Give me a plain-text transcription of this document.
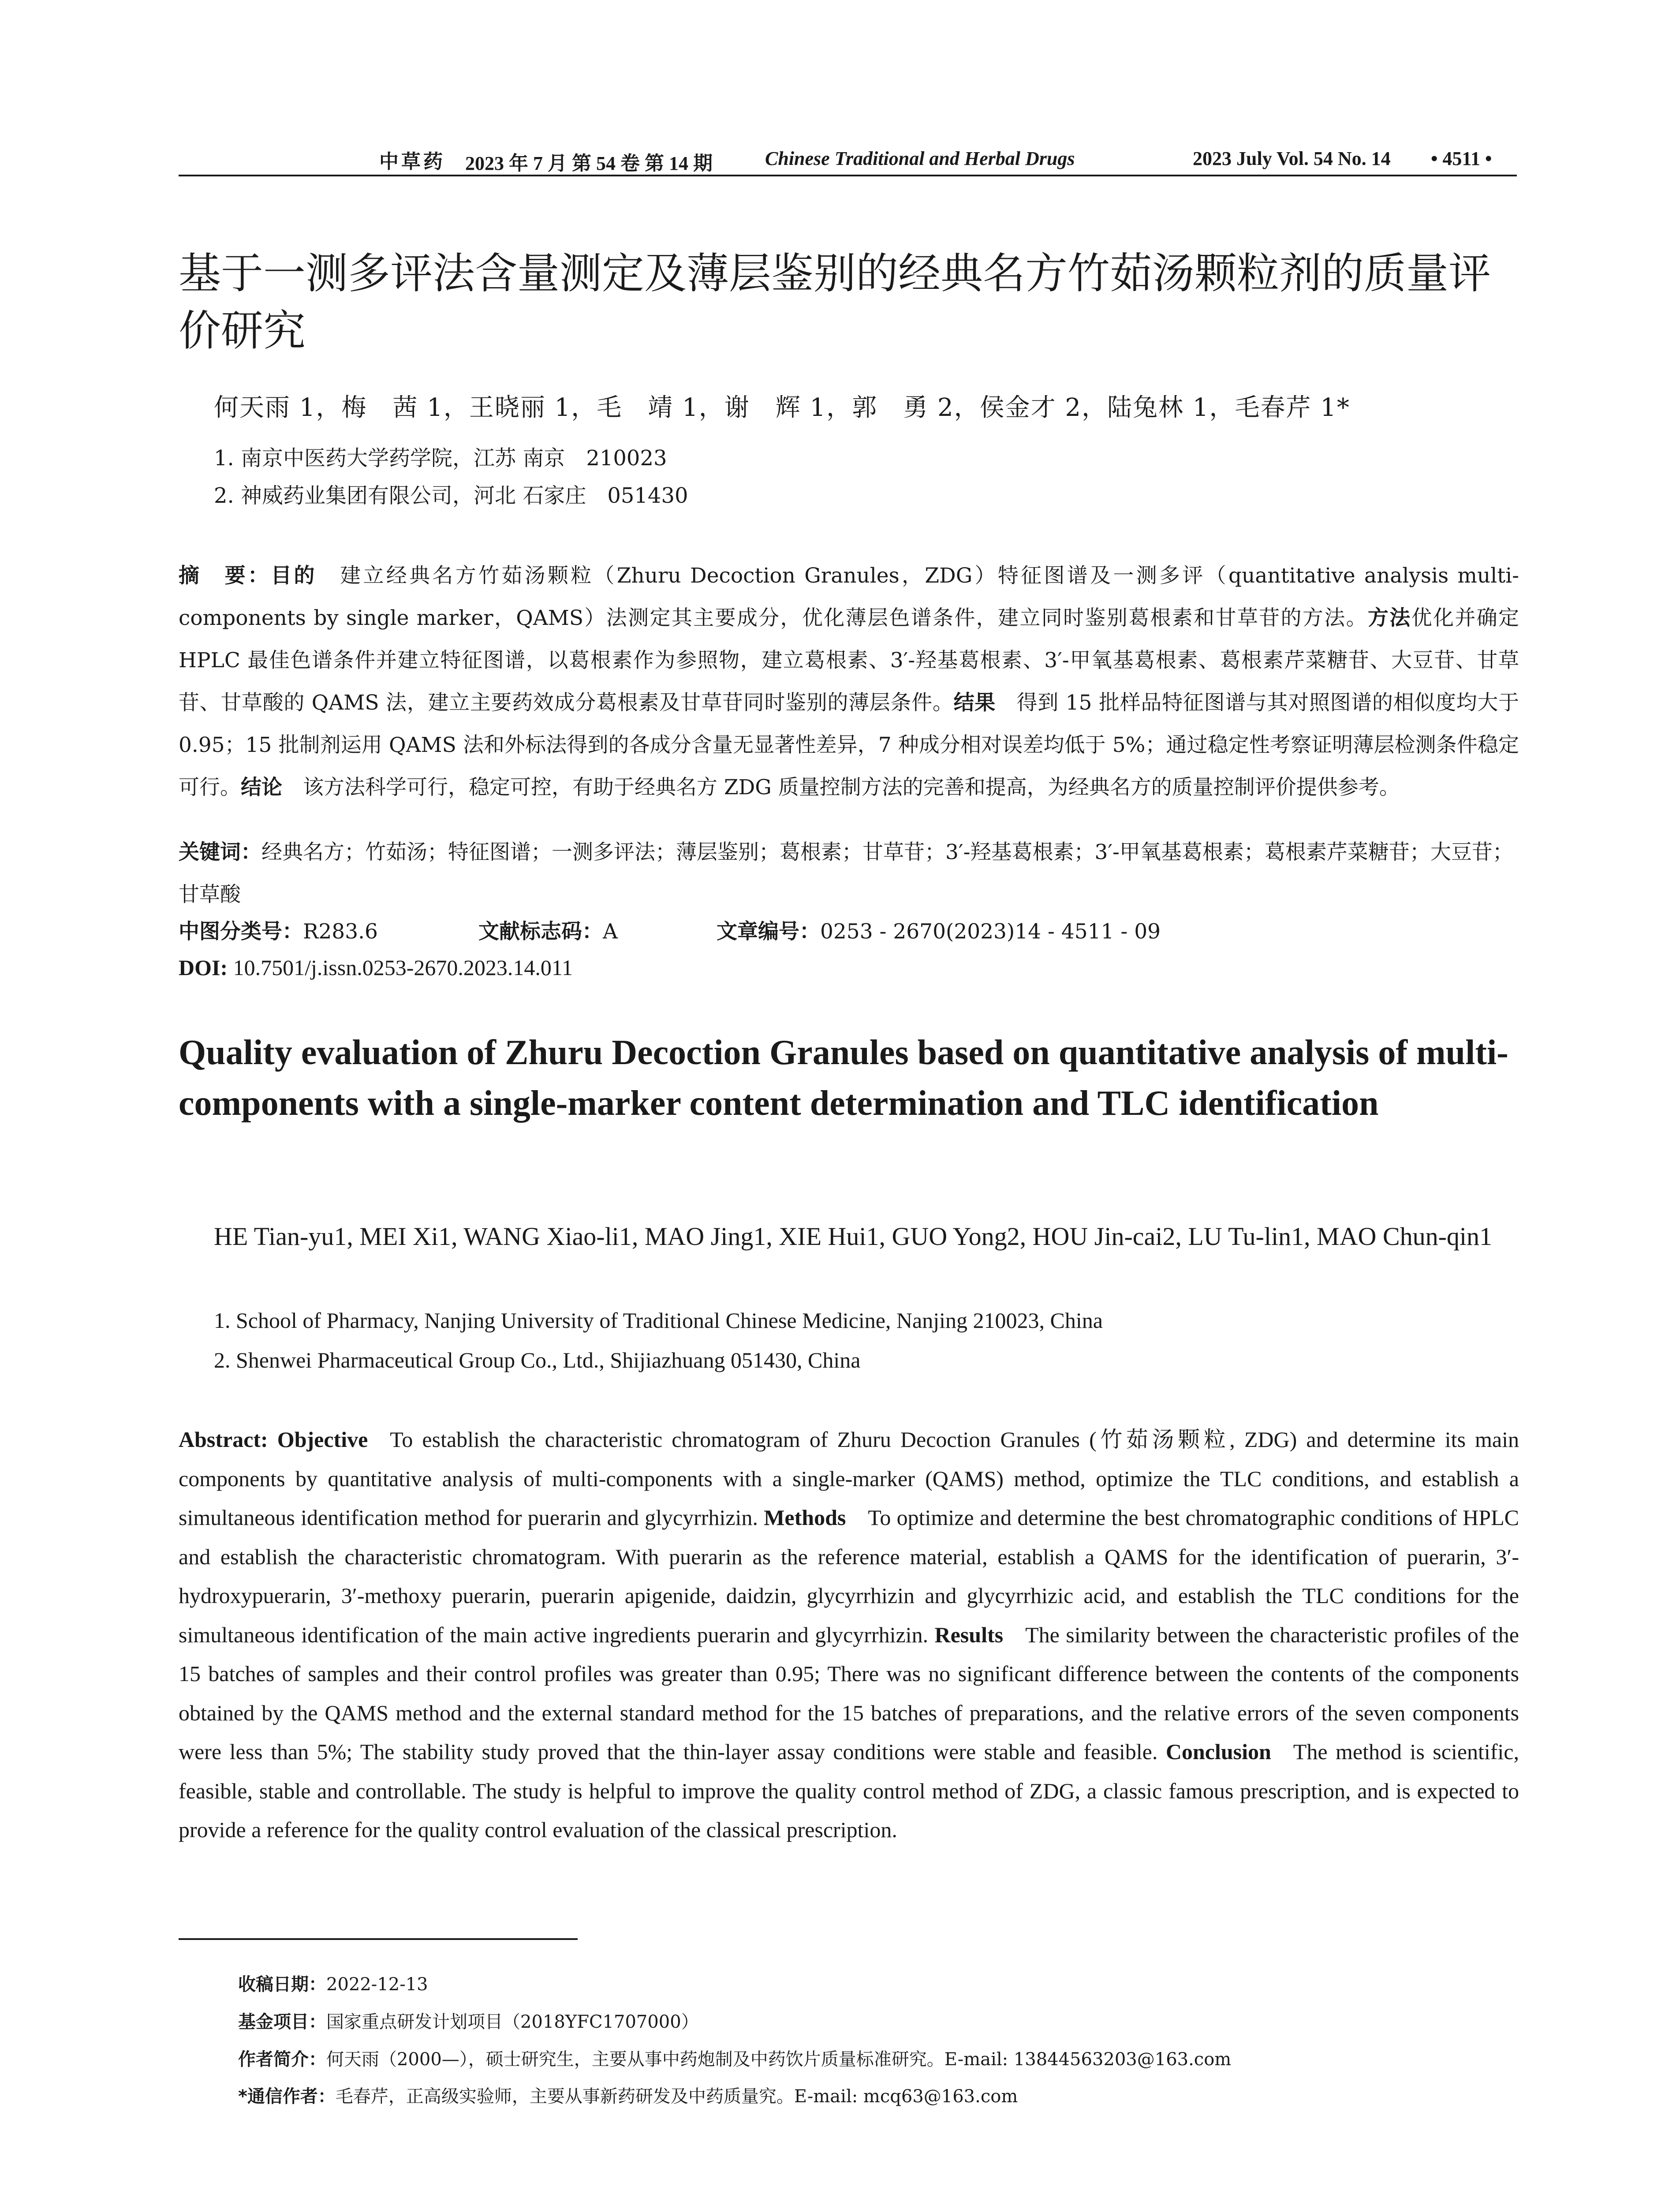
中草药 2023 年 7 月 第 54 卷 第 14 期	Chinese Traditional and Herbal Drugs	2023 July Vol. 54 No. 14 • 4511 •
基于一测多评法含量测定及薄层鉴别的经典名方竹茹汤颗粒剂的质量评价研究
何天雨 1，梅　茜 1，王晓丽 1，毛　靖 1，谢　辉 1，郭　勇 2，侯金才 2，陆兔林 1，毛春芹 1*
1. 南京中医药大学药学院，江苏 南京　210023
2. 神威药业集团有限公司，河北 石家庄　051430
摘　要：目的  建立经典名方竹茹汤颗粒（Zhuru Decoction Granules，ZDG）特征图谱及一测多评（quantitative analysis multi-components by single marker，QAMS）法测定其主要成分，优化薄层色谱条件，建立同时鉴别葛根素和甘草苷的方法。方法优化并确定 HPLC 最佳色谱条件并建立特征图谱，以葛根素作为参照物，建立葛根素、3′-羟基葛根素、3′-甲氧基葛根素、葛根素芹菜糖苷、大豆苷、甘草苷、甘草酸的 QAMS 法，建立主要药效成分葛根素及甘草苷同时鉴别的薄层条件。结果  得到 15 批样品特征图谱与其对照图谱的相似度均大于 0.95；15 批制剂运用 QAMS 法和外标法得到的各成分含量无显著性差异，7 种成分相对误差均低于 5%；通过稳定性考察证明薄层检测条件稳定可行。结论  该方法科学可行，稳定可控，有助于经典名方 ZDG 质量控制方法的完善和提高，为经典名方的质量控制评价提供参考。
关键词：经典名方；竹茹汤；特征图谱；一测多评法；薄层鉴别；葛根素；甘草苷；3′-羟基葛根素；3′-甲氧基葛根素；葛根素芹菜糖苷；大豆苷；甘草酸
中图分类号：R283.6	文献标志码：A	文章编号：0253 - 2670(2023)14 - 4511 - 09
DOI: 10.7501/j.issn.0253-2670.2023.14.011
Quality evaluation of Zhuru Decoction Granules based on quantitative analysis of multi-components with a single-marker content determination and TLC identification
HE Tian-yu1, MEI Xi1, WANG Xiao-li1, MAO Jing1, XIE Hui1, GUO Yong2, HOU Jin-cai2, LU Tu-lin1, MAO Chun-qin1
1. School of Pharmacy, Nanjing University of Traditional Chinese Medicine, Nanjing 210023, China
2. Shenwei Pharmaceutical Group Co., Ltd., Shijiazhuang 051430, China
Abstract: Objective  To establish the characteristic chromatogram of Zhuru Decoction Granules (竹茹汤颗粒, ZDG) and determine its main components by quantitative analysis of multi-components with a single-marker (QAMS) method, optimize the TLC conditions, and establish a simultaneous identification method for puerarin and glycyrrhizin. Methods  To optimize and determine the best chromatographic conditions of HPLC and establish the characteristic chromatogram. With puerarin as the reference material, establish a QAMS for the identification of puerarin, 3′-hydroxypuerarin, 3′-methoxy puerarin, puerarin apigenide, daidzin, glycyrrhizin and glycyrrhizic acid, and establish the TLC conditions for the simultaneous identification of the main active ingredients puerarin and glycyrrhizin. Results  The similarity between the characteristic profiles of the 15 batches of samples and their control profiles was greater than 0.95; There was no significant difference between the contents of the components obtained by the QAMS method and the external standard method for the 15 batches of preparations, and the relative errors of the seven components were less than 5%; The stability study proved that the thin-layer assay conditions were stable and feasible. Conclusion  The method is scientific, feasible, stable and controllable. The study is helpful to improve the quality control method of ZDG, a classic famous prescription, and is expected to provide a reference for the quality control evaluation of the classical prescription.
收稿日期：2022-12-13
基金项目：国家重点研发计划项目（2018YFC1707000）
作者简介：何天雨（2000—），硕士研究生，主要从事中药炮制及中药饮片质量标准研究。E-mail: 13844563203@163.com
*通信作者：毛春芹，正高级实验师，主要从事新药研发及中药质量究。E-mail: mcq63@163.com
